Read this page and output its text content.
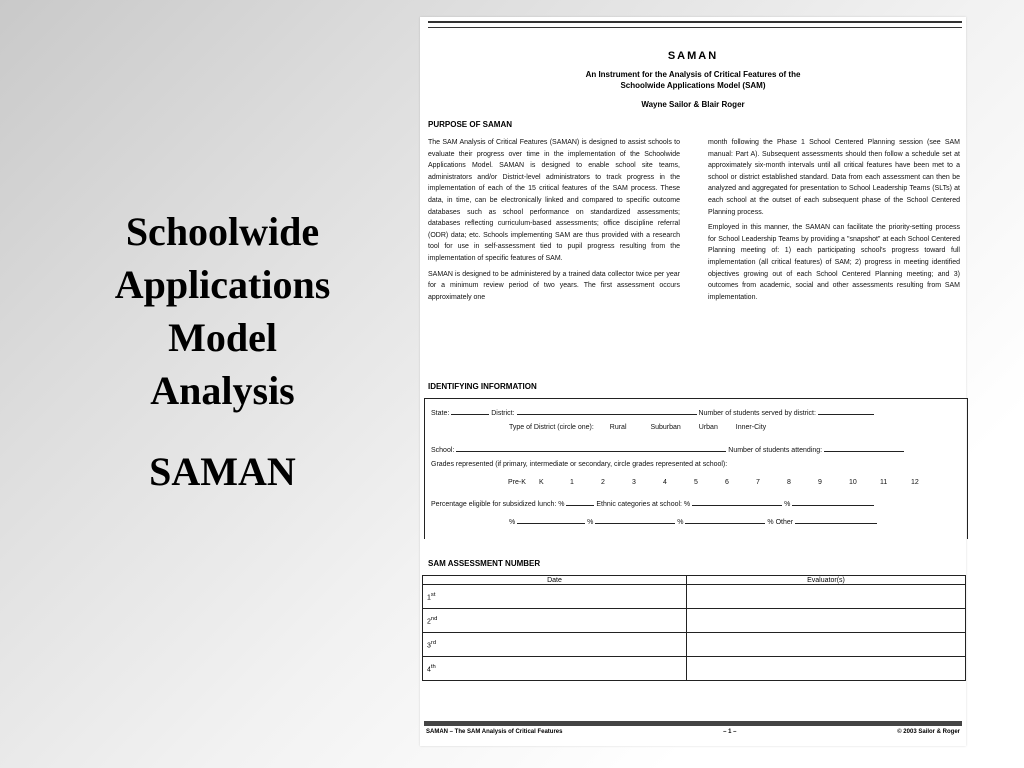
Schoolwide
Applications
Model
Analysis
SAMAN
SAMAN
An Instrument for the Analysis of Critical Features of the
Schoolwide Applications Model (SAM)
Wayne Sailor & Blair Roger
PURPOSE OF SAMAN

The SAM Analysis of Critical Features (SAMAN) is designed to assist schools to evaluate their progress over time in the implementation of the Schoolwide Applications Model. SAMAN is designed to enable school site teams, administrators and/or District-level administrators to track progress in the implementation of each of the 15 critical features of the SAM process. These data, in time, can be electronically linked and compared to specific outcome databases such as school performance on standardized assessments; databases reflecting curriculum-based assessments; office discipline referral (ODR) data; etc. Schools implementing SAM are thus provided with a research tool for use in self-assessment tied to pupil progress resulting from the implementation of specific features of SAM.

SAMAN is designed to be administered by a trained data collector twice per year for a minimum review period of two years. The first assessment occurs approximately one

month following the Phase 1 School Centered Planning session (see SAM manual: Part A). Subsequent assessments should then follow a schedule set at approximately six-month intervals until all critical features have been met to a school or district established standard. Data from each assessment can then be analyzed and aggregated for presentation to School Leadership Teams (SLTs) at each school at the outset of each subsequent phase of the School Centered Planning process.

Employed in this manner, the SAMAN can facilitate the priority-setting process for School Leadership Teams by providing a "snapshot" at each School Centered Planning meeting of: 1) each participating school's progress toward full implementation (all critical features) of SAM; 2) progress in meeting identified objectives growing out of each School Centered Planning meeting; and 3) outcomes from academic, social and other assessments resulting from SAM implementation.

IDENTIFYING INFORMATION
State:	District:	Number of students served by district:
Type of District (circle one): Rural	Suburban	Urban	Inner-City
School:	Number of students attending:
Grades represented (if primary, intermediate or secondary, circle grades represented at school):
Percentage eligible for subsidized lunch: %	Ethnic categories at school: %	%
%	%	%	% Other
Pre-K K	1	2	3	4	5	6	7	8	9	10	11	12
SAM ASSESSMENT NUMBER
Date	Evaluator(s)
1st	
2nd	
3rd	
4th	
SAMAN – The SAM Analysis of Critical Features	– 1 –	© 2003 Sailor & Roger
